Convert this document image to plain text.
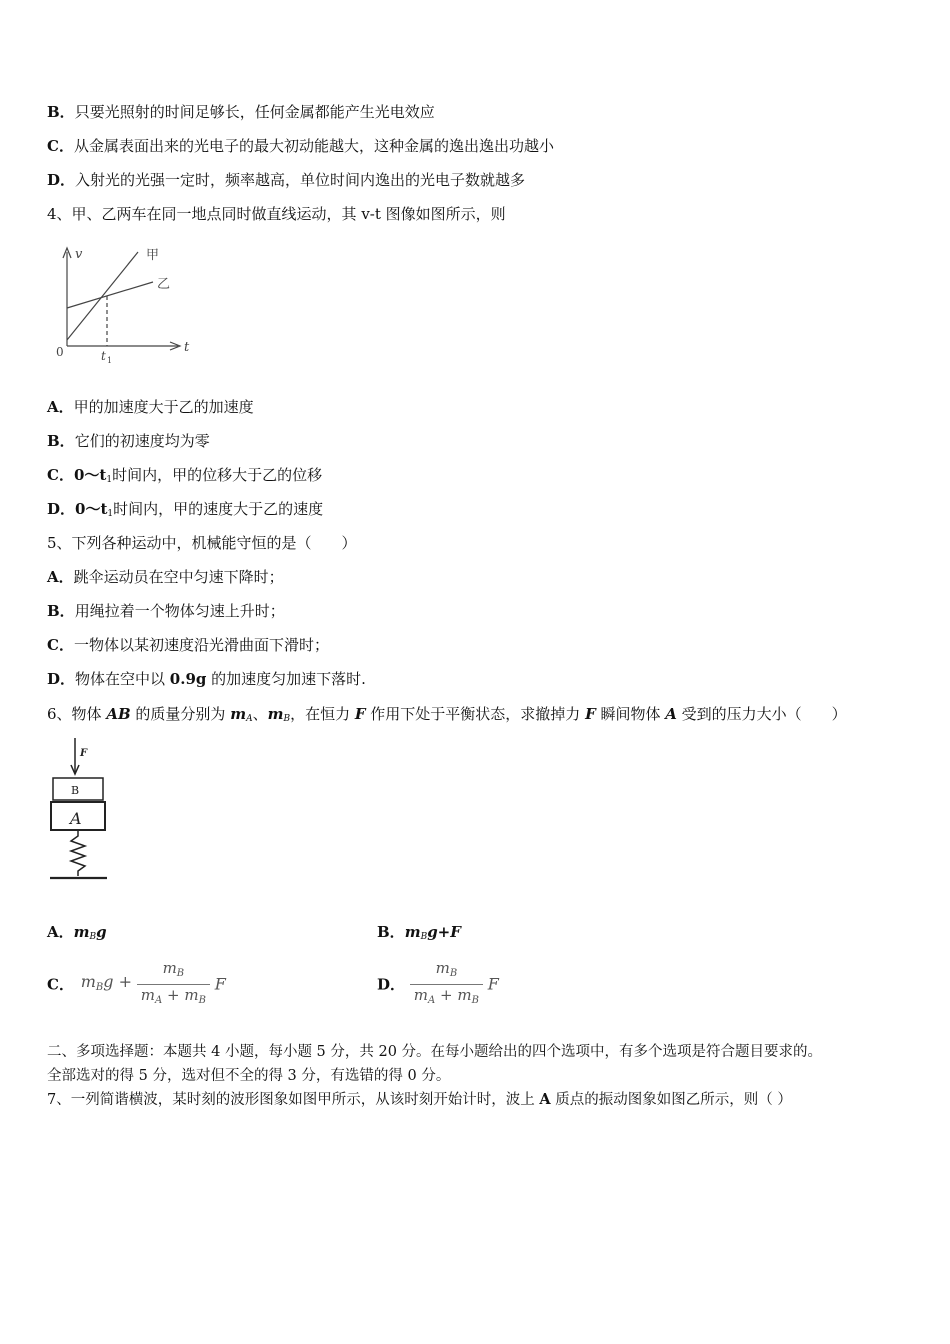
B．只要光照射的时间足够长，任何金属都能产生光电效应
C．从金属表面出来的光电子的最大初动能越大，这种金属的逸出逸出功越小
D．入射光的光强一定时，频率越高，单位时间内逸出的光电子数就越多
4、甲、乙两车在同一地点同时做直线运动，其 v-t 图像如图所示，则
v
t
0	t 1
甲
乙
A．甲的加速度大于乙的加速度
B．它们的初速度均为零
C．0～t1时间内，甲的位移大于乙的位移
D．0～t1时间内，甲的速度大于乙的速度
5、下列各种运动中，机械能守恒的是（　　）
A．跳伞运动员在空中匀速下降时；
B．用绳拉着一个物体匀速上升时；
C．一物体以某初速度沿光滑曲面下滑时；
D．物体在空中以 0.9g 的加速度匀加速下落时.
6、物体 AB 的质量分别为 $m_A$、$m_B$，在恒力 F 作用下处于平衡状态，求撤掉力 F 瞬间物体 A 受到的压力大小（　　）
F
B
A
A．$m_Bg$	B．$m_Bg+F$
C． mBg + $\frac{m_B}{m_A + m_B}$ F	D． $\frac{m_B}{m_A + m_B}$ F
二、多项选择题：本题共 4 小题，每小题 5 分，共 20 分。在每小题给出的四个选项中，有多个选项是符合题目要求的。
全部选对的得 5 分，选对但不全的得 3 分，有选错的得 0 分。
7、一列简谐横波，某时刻的波形图象如图甲所示，从该时刻开始计时，波上 A 质点的振动图象如图乙所示，则（ ）
